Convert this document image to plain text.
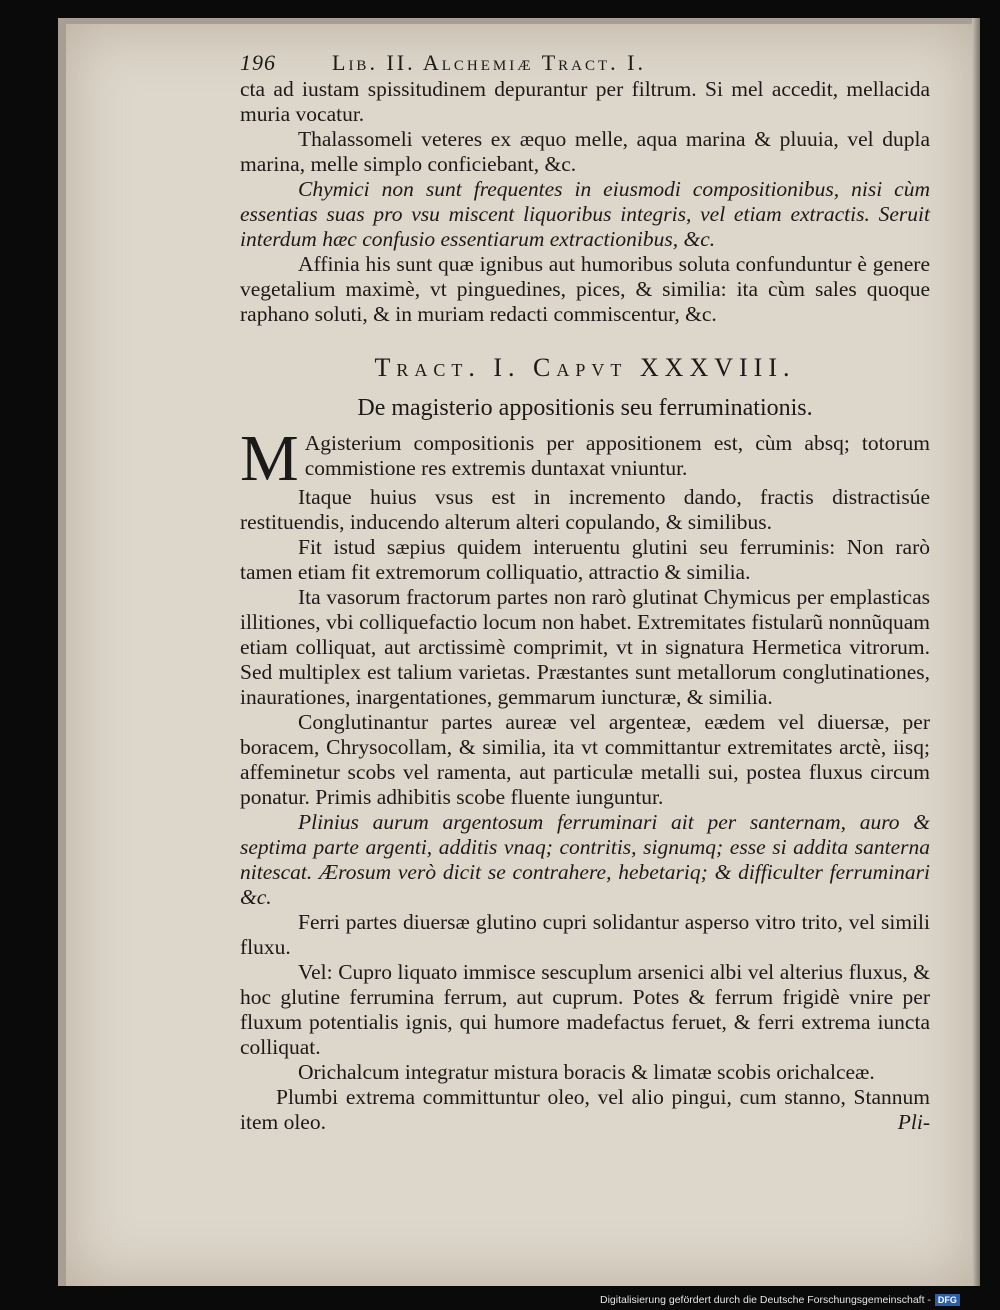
196	Lib. II. Alchemiæ Tract. I.

cta ad iustam spissitudinem depurantur per filtrum. Si mel accedit, mellacida muria vocatur.

Thalassomeli veteres ex æquo melle, aqua marina & pluuia, vel dupla marina, melle simplo conficiebant, &c.

Chymici non sunt frequentes in eiusmodi compositionibus, nisi cùm essentias suas pro vsu miscent liquoribus integris, vel etiam extractis. Seruit interdum hæc confusio essentiarum extractionibus, &c.

Affinia his sunt quæ ignibus aut humoribus soluta confunduntur è genere vegetalium maximè, vt pinguedines, pices, & similia: ita cùm sales quoque raphano soluti, & in muriam redacti commiscentur, &c.

Tract. I. Capvt XXXVIII.
De magisterio appositionis seu ferruminationis.

M Agisterium compositionis per appositionem est, cùm absq; totorum commistione res extremis duntaxat vniuntur.

Itaque huius vsus est in incremento dando, fractis distractisúe restituendis, inducendo alterum alteri copulando, & similibus.

Fit istud sæpius quidem interuentu glutini seu ferruminis: Non rarò tamen etiam fit extremorum colliquatio, attractio & similia.

Ita vasorum fractorum partes non rarò glutinat Chymicus per emplasticas illitiones, vbi colliquefactio locum non habet. Extremitates fistularũ nonnũquam etiam colliquat, aut arctissimè comprimit, vt in signatura Hermetica vitrorum. Sed multiplex est talium varietas. Præstantes sunt metallorum conglutinationes, inaurationes, inargentationes, gemmarum iuncturæ, & similia.

Conglutinantur partes aureæ vel argenteæ, eædem vel diuersæ, per boracem, Chrysocollam, & similia, ita vt committantur extremitates arctè, iisq; affeminetur scobs vel ramenta, aut particulæ metalli sui, postea fluxus circum ponatur. Primis adhibitis scobe fluente iunguntur.

Plinius aurum argentosum ferruminari ait per santernam, auro & septima parte argenti, additis vnaq; contritis, signumq; esse si addita santerna nitescat. Ærosum verò dicit se contrahere, hebetariq; & difficulter ferruminari &c.

Ferri partes diuersæ glutino cupri solidantur asperso vitro trito, vel simili fluxu.

Vel: Cupro liquato immisce sescuplum arsenici albi vel alterius fluxus, & hoc glutine ferrumina ferrum, aut cuprum. Potes & ferrum frigidè vnire per fluxum potentialis ignis, qui humore madefactus feruet, & ferri extrema iuncta colliquat.

Orichalcum integratur mistura boracis & limatæ scobis orichalceæ.

Plumbi extrema committuntur oleo, vel alio pingui, cum stanno, Stannum item oleo.	Pli-

Digitalisierung gefördert durch die Deutsche Forschungsgemeinschaft - DFG
